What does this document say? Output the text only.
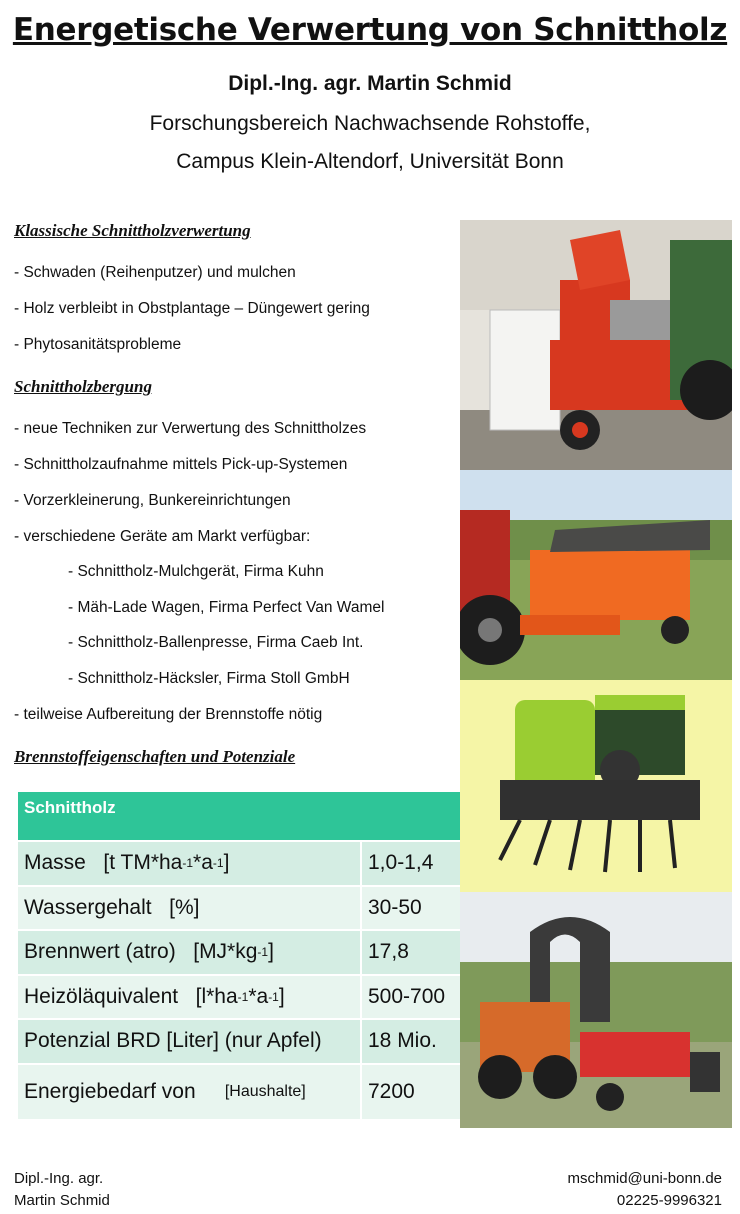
Energetische Verwertung von Schnittholz
Dipl.-Ing. agr. Martin Schmid
Forschungsbereich Nachwachsende Rohstoffe,
Campus Klein-Altendorf, Universität Bonn
Klassische Schnittholzverwertung
- Schwaden (Reihenputzer) und mulchen
- Holz verbleibt in Obstplantage – Düngewert gering
- Phytosanitätsprobleme
Schnittholzbergung
- neue Techniken zur Verwertung des Schnittholzes
- Schnittholzaufnahme mittels Pick-up-Systemen
- Vorzerkleinerung, Bunkereinrichtungen
- verschiedene Geräte am Markt verfügbar:
- Schnittholz-Mulchgerät, Firma Kuhn
- Mäh-Lade Wagen, Firma Perfect Van Wamel
- Schnittholz-Ballenpresse, Firma Caeb Int.
- Schnittholz-Häcksler, Firma Stoll GmbH
- teilweise Aufbereitung der Brennstoffe nötig
Brennstoffeigenschaften und Potenziale
Schnittholz
Masse
[t TM*ha -1 *a -1 ]	1,0-1,4
Wassergehalt
[%]	30-50
Brennwert (atro)
[MJ*kg -1 ]	17,8
Heizöläquivalent
[l*ha -1 *a -1 ]	500-700
Potenzial BRD [Liter] (nur Apfel)	18 Mio.
Energiebedarf von
[Haushalte]	7200
Dipl.-Ing. agr.
Martin Schmid
mschmid@uni-bonn.de
02225-9996321
